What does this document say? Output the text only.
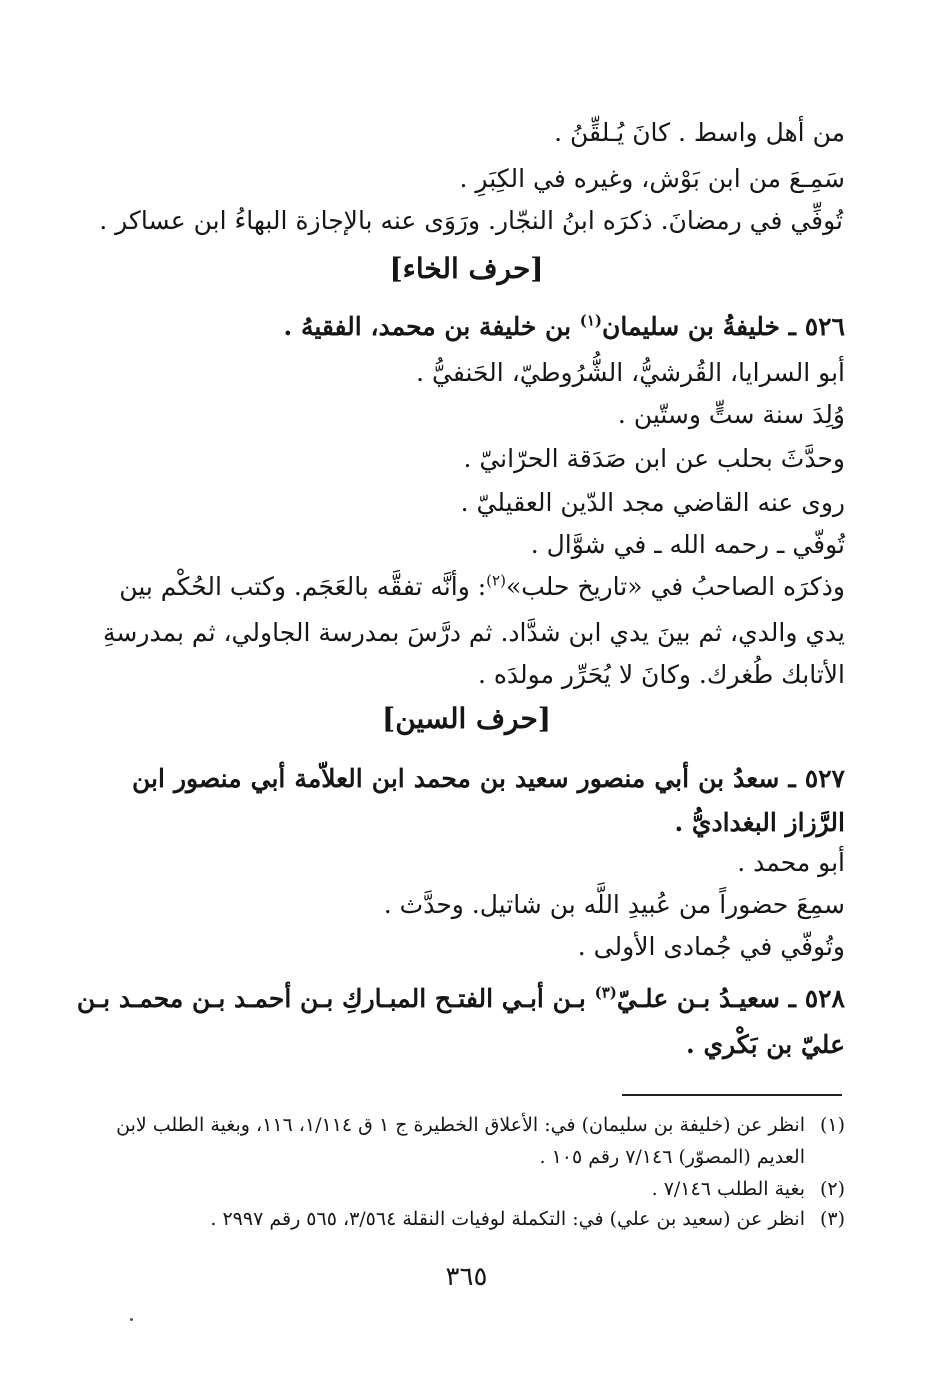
من أهل واسط . كانَ يُـلقِّنُ .
سَمِـعَ من ابن بَوْش، وغيره في الكِبَرِ .
تُوفِّي في رمضانَ. ذكرَه ابنُ النجّار. ورَوَى عنه بالإجازة البهاءُ ابن عساكر .
[حرف الخاء]
٥٢٦ ـ خليفةُ بن سليمان$^{(١)}$ بن خليفة بن محمد، الفقيهُ .
أبو السرايا، القُرشيُّ، الشُّرُوطيّ، الحَنفيُّ .
وُلِدَ سنة ستٍّ وستّين .
وحدَّثَ بحلب عن ابن صَدَقة الحرّانيّ .
روى عنه القاضي مجد الدّين العقيليّ .
تُوفّي ـ رحمه الله ـ في شوَّال .
وذكرَه الصاحبُ في «تاريخ حلب»$^{(٢)}$: وأنَّه تفقَّه بالعَجَم. وكتب الحُكْم بين
يدي والدي، ثم بينَ يدي ابن شدَّاد. ثم درَّسَ بمدرسة الجاولي، ثم بمدرسةِ
الأتابك طُغرك. وكانَ لا يُحَرِّر مولدَه .
[حرف السين]
٥٢٧ ـ سعدُ بن أبي منصور سعيد بن محمد ابن العلاّمة أبي منصور ابن
الرَّزاز البغداديُّ .
أبو محمد .
سمِعَ حضوراً من عُبيدِ اللَّه بن شاتيل. وحدَّث .
وتُوفّي في جُمادى الأولى .
٥٢٨ ـ سعيـدُ بـن علـيّ$^{(٣)}$ بـن أبـي الفتـح المبـاركِ بـن أحمـد بـن محمـد بـن
عليّ بن بَكْري .
(١)انظر عن (خليفة بن سليمان) في: الأعلاق الخطيرة ج ١ ق ١/١١٤، ١١٦، وبغية الطلب لابن
العديم (المصوّر) ٧/١٤٦ رقم ١٠٥ .
(٢)بغية الطلب ٧/١٤٦ .
(٣)انظر عن (سعيد بن علي) في: التكملة لوفيات النقلة ٣/٥٦٤، ٥٦٥ رقم ٢٩٩٧ .
٣٦٥
